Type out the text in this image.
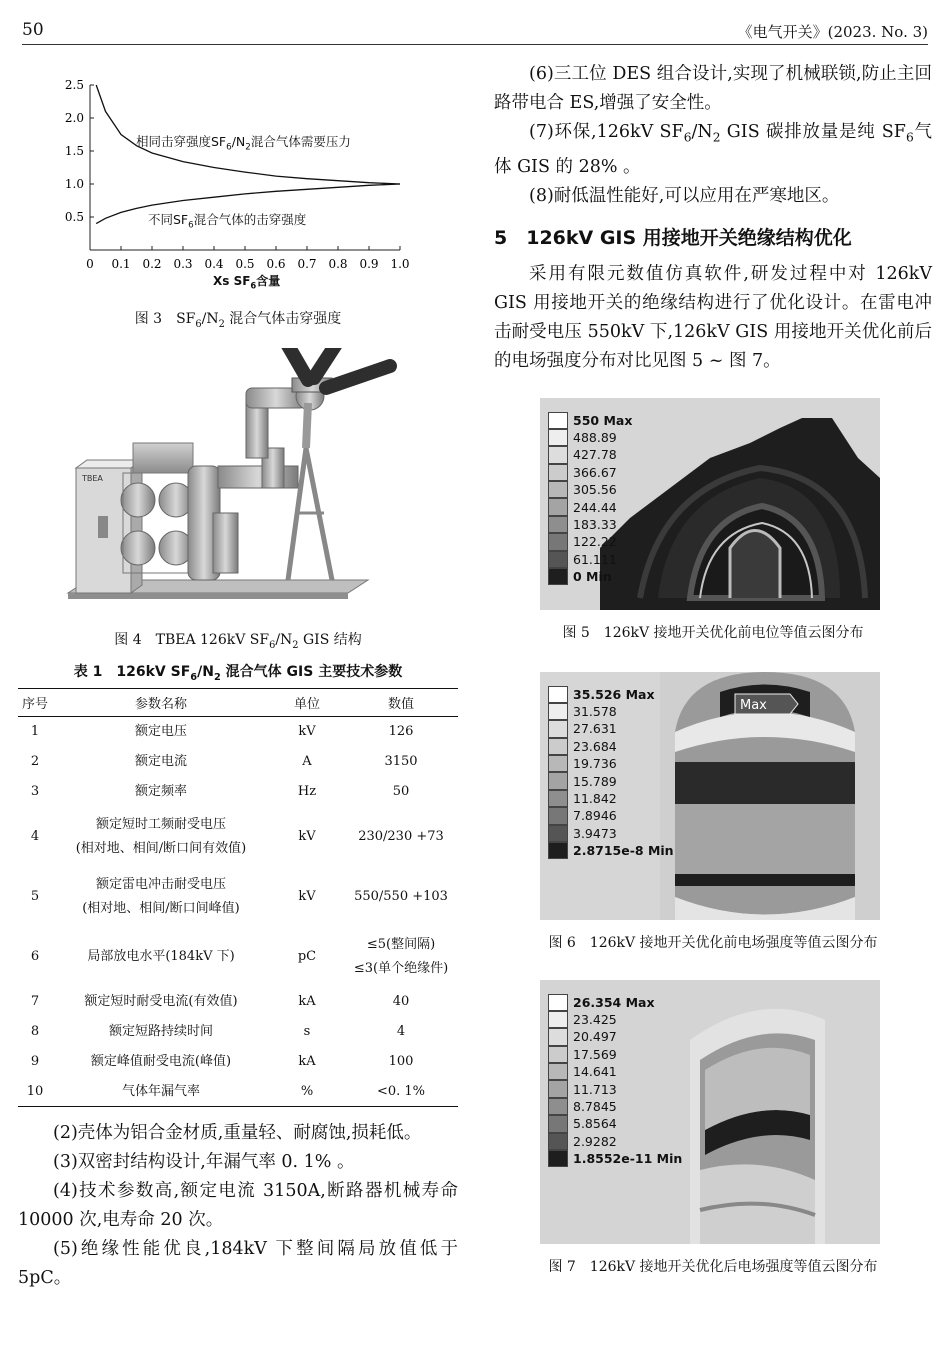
50	《电气开关》(2023. No. 3)
0 0.1 0.2 0.3 0.4 0.5 0.6 0.7 0.8 0.9 1.0
0.5
1.0
1.5
2.0
2.5
相同击穿强度$SF_6/N_2$混合气体需要压力
不同$SF_6$混合气体的击穿强度
Xs $SF_6$含量
图 3　$SF_6/N_2$ 混合气体击穿强度
TBEA
图 4　TBEA 126kV $SF_6/N_2$ GIS 结构
表 1　126kV $SF_6/N_2$ 混合气体 GIS 主要技术参数
序号	参数名称	单位	数值
1	额定电压	kV	126
2	额定电流	A	3150
3	额定频率	Hz	50
4	额定短时工频耐受电压
(相对地、相间/断口间有效值)	kV	230/230 +73
5	额定雷电冲击耐受电压
(相对地、相间/断口间峰值)	kV	550/550 +103
6	局部放电水平(184kV 下)	pC	≤5(整间隔)
≤3(单个绝缘件)

7	额定短时耐受电流(有效值)	kA	40
8	额定短路持续时间	s	4
9	额定峰值耐受电流(峰值)	kA	100
10	气体年漏气率	%	<0. 1%

(2)壳体为铝合金材质,重量轻、耐腐蚀,损耗低。

(3)双密封结构设计,年漏气率 0. 1% 。

(4)技术参数高,额定电流 3150A,断路器机械寿命 10000 次,电寿命 20 次。

(5)绝缘性能优良,184kV 下整间隔局放值低于 5pC。

(6)三工位 DES 组合设计,实现了机械联锁,防止主回路带电合 ES,增强了安全性。

(7)环保,126kV $SF_6/N_2$ GIS 碳排放量是纯 $SF_6$气体 GIS 的 28% 。

(8)耐低温性能好,可以应用在严寒地区。

5　126kV GIS 用接地开关绝缘结构优化

采用有限元数值仿真软件,研发过程中对 126kV GIS 用接地开关的绝缘结构进行了优化设计。在雷电冲击耐受电压 550kV 下,126kV GIS 用接地开关优化前后的电场强度分布对比见图 5 ~ 图 7。

550 Max
488.89
427.78
366.67
305.56
244.44
183.33
122.22
61.111
0 Min
图 5　126kV 接地开关优化前电位等值云图分布
Max
35.526 Max
31.578
27.631
23.684
19.736
15.789
11.842
7.8946
3.9473
2.8715e-8 Min
图 6　126kV 接地开关优化前电场强度等值云图分布
26.354 Max
23.425
20.497
17.569
14.641
11.713
8.7845
5.8564
2.9282
1.8552e-11 Min
图 7　126kV 接地开关优化后电场强度等值云图分布
